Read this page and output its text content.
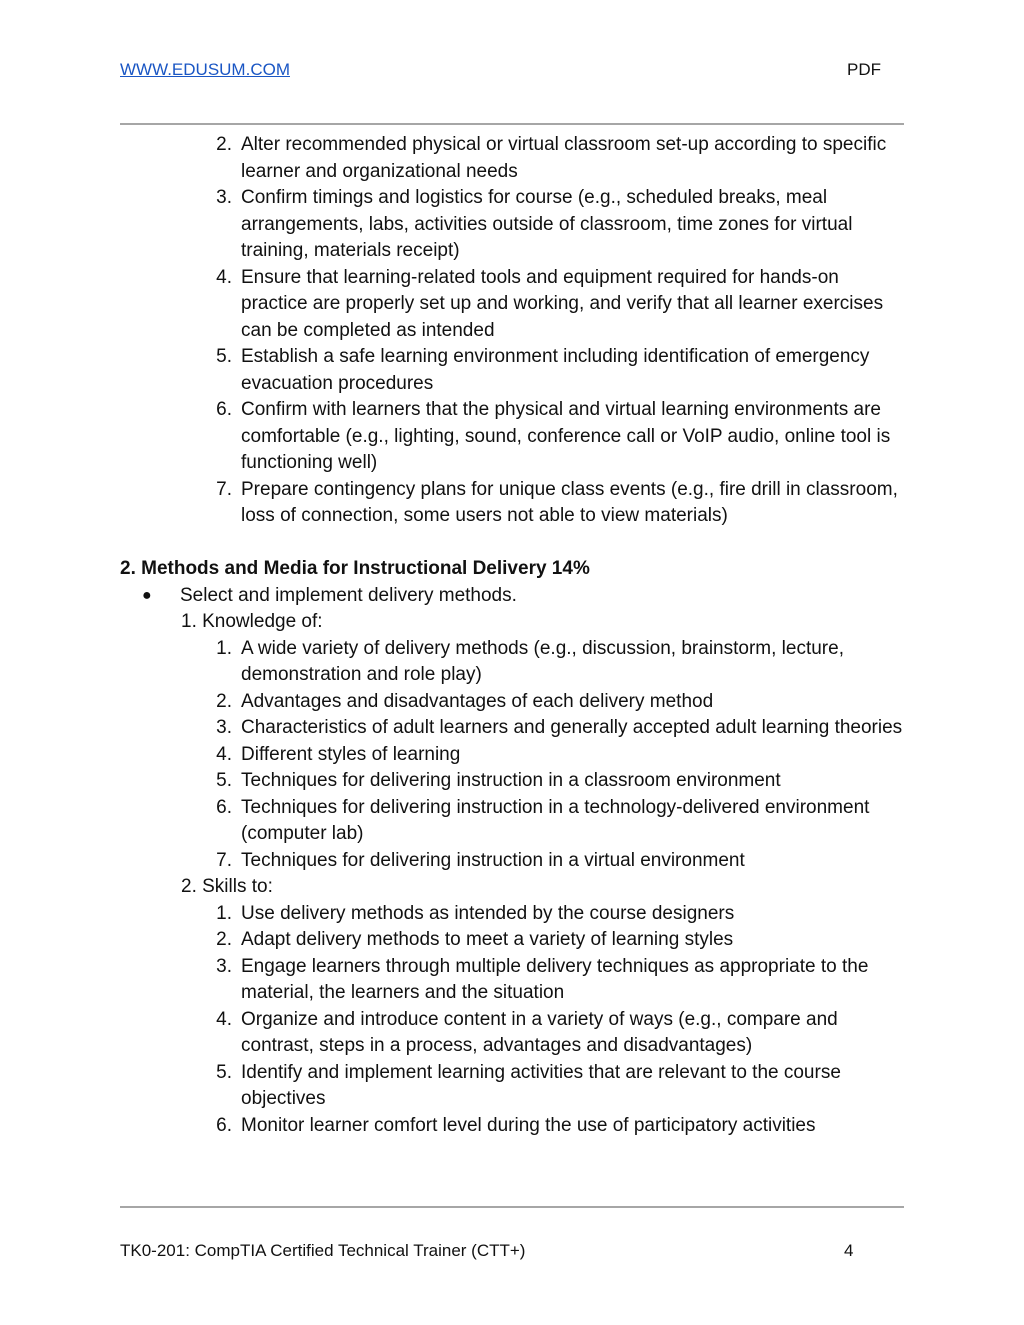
WWW.EDUSUM.COM	PDF
2. Alter recommended physical or virtual classroom set-up according to specific learner and organizational needs
3. Confirm timings and logistics for course (e.g., scheduled breaks, meal arrangements, labs, activities outside of classroom, time zones for virtual training, materials receipt)
4. Ensure that learning-related tools and equipment required for hands-on practice are properly set up and working, and verify that all learner exercises can be completed as intended
5. Establish a safe learning environment including identification of emergency evacuation procedures
6. Confirm with learners that the physical and virtual learning environments are comfortable (e.g., lighting, sound, conference call or VoIP audio, online tool is functioning well)
7. Prepare contingency plans for unique class events (e.g., fire drill in classroom, loss of connection, some users not able to view materials)
2. Methods and Media for Instructional Delivery 14%
● Select and implement delivery methods.
1. Knowledge of:
1. A wide variety of delivery methods (e.g., discussion, brainstorm, lecture, demonstration and role play)
2. Advantages and disadvantages of each delivery method
3. Characteristics of adult learners and generally accepted adult learning theories
4. Different styles of learning
5. Techniques for delivering instruction in a classroom environment
6. Techniques for delivering instruction in a technology-delivered environment (computer lab)
7. Techniques for delivering instruction in a virtual environment
2. Skills to:
1. Use delivery methods as intended by the course designers
2. Adapt delivery methods to meet a variety of learning styles
3. Engage learners through multiple delivery techniques as appropriate to the material, the learners and the situation
4. Organize and introduce content in a variety of ways (e.g., compare and contrast, steps in a process, advantages and disadvantages)
5. Identify and implement learning activities that are relevant to the course objectives
6. Monitor learner comfort level during the use of participatory activities
TK0-201: CompTIA Certified Technical Trainer (CTT+)	4
